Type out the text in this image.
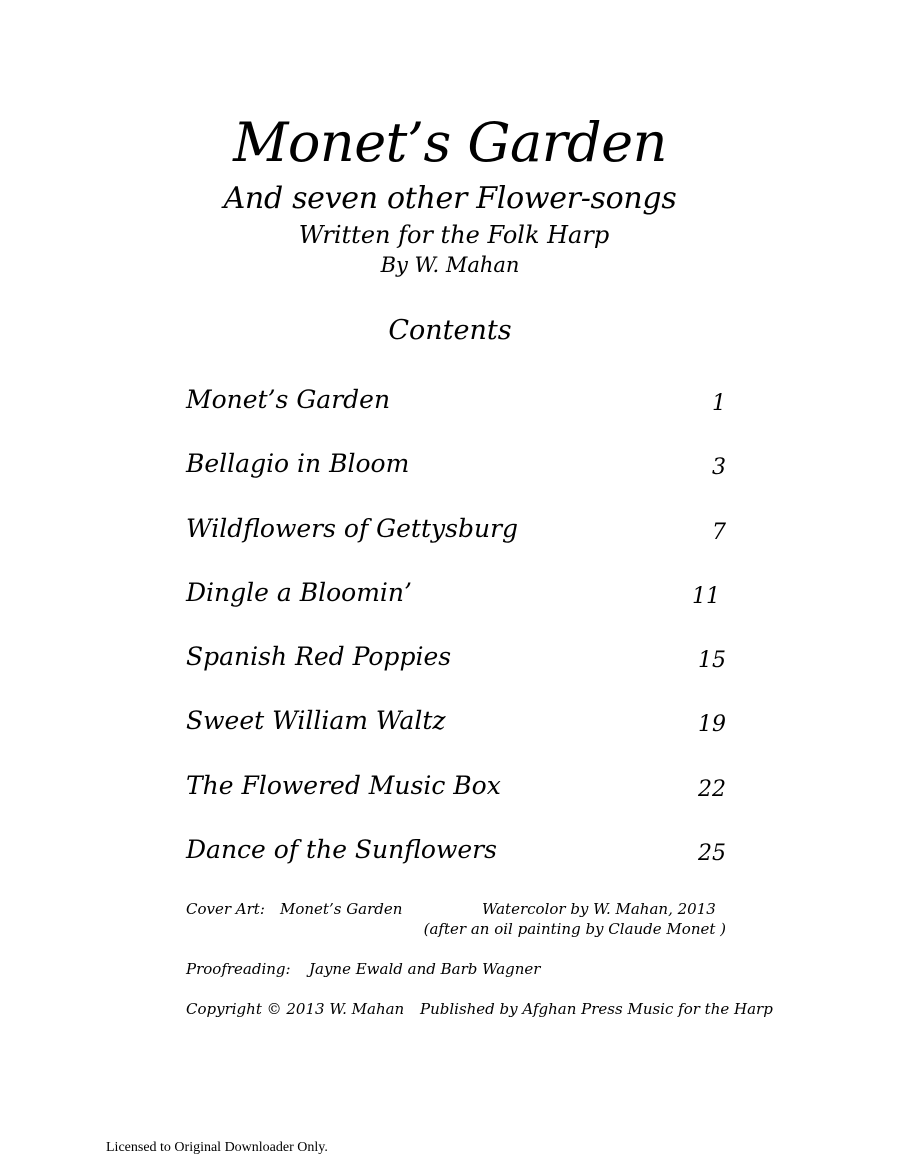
Monet’s Garden
And seven other Flower-songs
Written for the Folk Harp
By W. Mahan
Contents
Monet’s Garden	1
Bellagio in Bloom	3
Wildflowers of Gettysburg	7
Dingle a Bloomin’	11
Spanish Red Poppies	15
Sweet William Waltz	19
The Flowered Music Box	22
Dance of the Sunflowers	25
Cover Art: Monet’s Garden	Watercolor by W. Mahan, 2013
(after an oil painting by Claude Monet )
Proofreading: Jayne Ewald and Barb Wagner
Copyright © 2013 W. Mahan Published by Afghan Press Music for the Harp
Licensed to Original Downloader Only.
